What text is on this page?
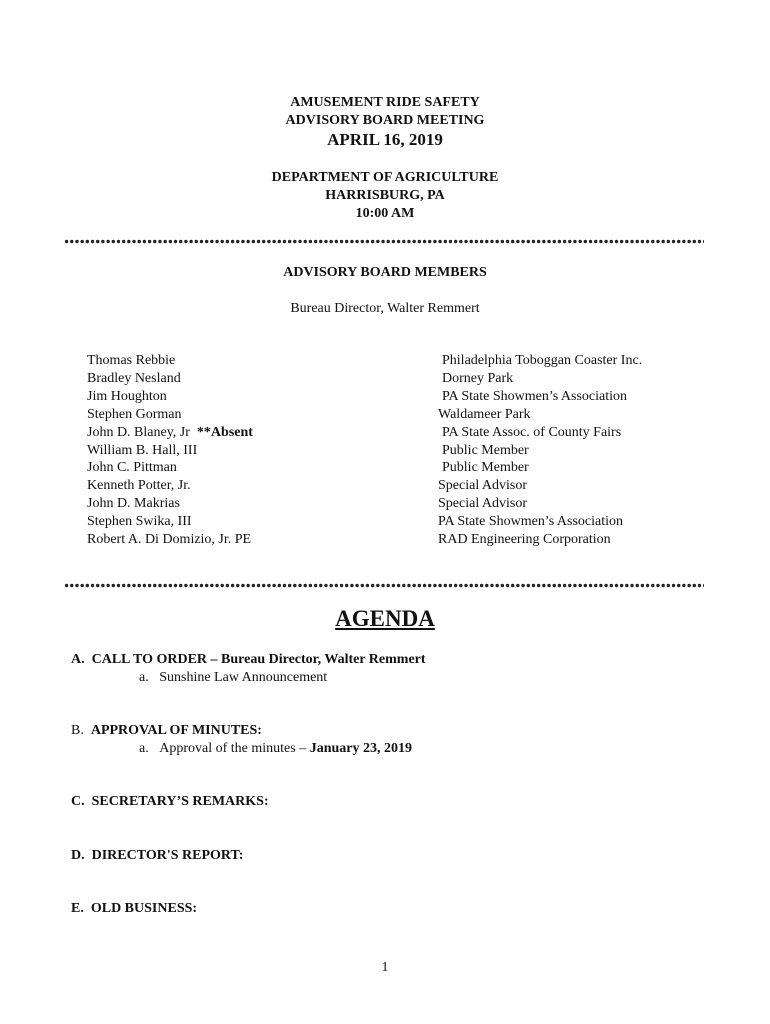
AMUSEMENT RIDE SAFETY
ADVISORY BOARD MEETING
APRIL 16, 2019
DEPARTMENT OF AGRICULTURE
HARRISBURG, PA
10:00 AM
ADVISORY BOARD MEMBERS
Bureau Director, Walter Remmert
Thomas Rebbie
Bradley Nesland
Jim Houghton
Stephen Gorman
John D. Blaney, Jr **Absent
William B. Hall, III
John C. Pittman
Kenneth Potter, Jr.
John D. Makrias
Stephen Swika, III
Robert A. Di Domizio, Jr. PE
Philadelphia Toboggan Coaster Inc.
Dorney Park
PA State Showmen’s Association
Waldameer Park
PA State Assoc. of County Fairs
Public Member
Public Member
Special Advisor
Special Advisor
PA State Showmen’s Association
RAD Engineering Corporation
AGENDA
A. CALL TO ORDER – Bureau Director, Walter Remmert
a. Sunshine Law Announcement
B. APPROVAL OF MINUTES:
a. Approval of the minutes – January 23, 2019
C. SECRETARY’S REMARKS:
D. DIRECTOR'S REPORT:
E. OLD BUSINESS:
1
